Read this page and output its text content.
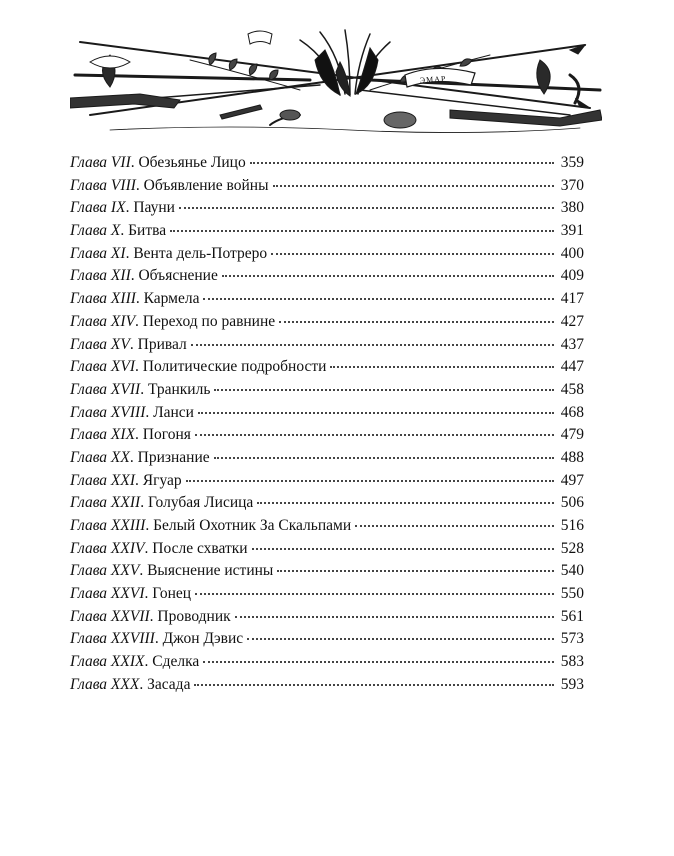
ЭМАР
Глава VII . Обезьянье Лицо	359
Глава VIII . Объявление войны	370
Глава IX . Пауни	380
Глава X . Битва	391
Глава XI . Вента дель-Потреро	400
Глава XII . Объяснение	409
Глава XIII . Кармела	417
Глава XIV . Переход по равнине	427
Глава XV . Привал	437
Глава XVI . Политические подробности	447
Глава XVII . Транкиль	458
Глава XVIII . Ланси	468
Глава XIX . Погоня	479
Глава XX . Признание	488
Глава XXI . Ягуар	497
Глава XXII . Голубая Лисица	506
Глава XXIII . Белый Охотник За Скальпами	516
Глава XXIV . После схватки	528
Глава XXV . Выяснение истины	540
Глава XXVI . Гонец	550
Глава XXVII . Проводник	561
Глава XXVIII . Джон Дэвис	573
Глава XXIX . Сделка	583
Глава XXX . Засада	593
